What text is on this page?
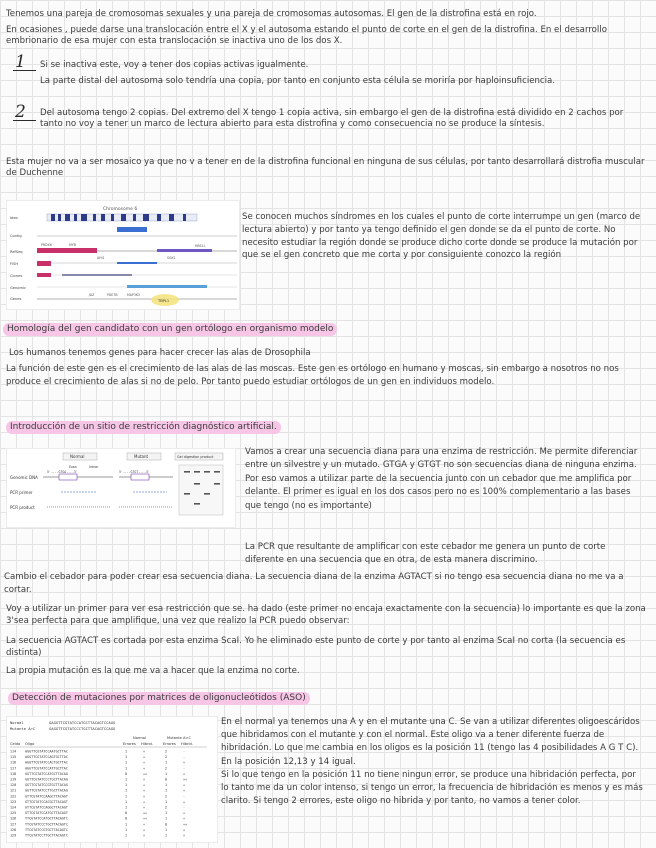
Tenemos una pareja de cromosomas sexuales y una pareja de cromosomas autosomas. El gen de la distrofina está en rojo.
En ocasiones , puede darse una translocación entre el X y el autosoma estando el punto de corte en el gen de la distrofina. En el desarrollo embrionario de esa mujer con esta translocación se inactiva uno de los dos X.
1 Si se inactiva este, voy a tener dos copias activas igualmente.
La parte distal del autosoma solo tendría una copia, por tanto en conjunto esta célula se moriría por haploinsuficiencia.
2 Del autosoma tengo 2 copias. Del extremo del X tengo 1 copia activa, sin embargo el gen de la distrofina está dividido en 2 cachos por tanto no voy a tener un marco de lectura abierto para esta distrofina y como consecuencia no se produce la síntesis.
Esta mujer no va a ser mosaico ya que no v a tener en de la distrofina funcional en ninguna de sus células, por tanto desarrollará distrofia muscular de Duchenne
Chromosome 6
Ideo
Contig
RefSeq
FISH
Clones
Genomic
Genes
PRDX6	MYB
AHI1	SGK1
HBS1L
JAZ	PDE7B	MAP3K5
TBPL1
Se conocen muchos síndromes en los cuales el punto de corte interrumpe un gen (marco de lectura abierto) y por tanto ya tengo definido el gen donde se da el punto de corte. No necesito estudiar la región donde se produce dicho corte donde se produce la mutación por que se el gen concreto que me corta y por consiguiente conozco la región
Homología del gen candidato con un gen ortólogo en organismo modelo
Los humanos tenemos genes para hacer crecer las alas de Drosophila
La función de este gen es el crecimiento de las alas de las moscas. Este gen es ortólogo en humano y moscas, sin embargo a nosotros no nos produce el crecimiento de alas si no de pelo. Por tanto puedo estudiar ortólogos de un gen en individuos modelo.
Introducción de un sitio de restricción diagnóstico artificial.
Normal	Mutant	Gel digestion product
Exon	Intron
Genomic DNA
PCR primer
PCR product
5'-...GTGA...-3'	5'-...GTGT...-3'
Vamos a crear una secuencia diana para una enzima de restricción. Me permite diferenciar entre un silvestre y un mutado. GTGA y GTGT no son secuencias diana de ninguna enzima. Por eso vamos a utilizar parte de la secuencia junto con un cebador que me amplifica por delante. El primer es igual en los dos casos pero no es 100% complementario a las bases que tengo (no es importante)
La PCR que resultante de amplificar con este cebador me genera un punto de corte diferente en una secuencia que en otra, de esta manera discrimino.
Cambio el cebador para poder crear esa secuencia diana. La secuencia diana de la enzima AGTACT si no tengo esa secuencia diana no me va a cortar.
Voy a utilizar un primer para ver esa restricción que se. ha dado (este primer no encaja exactamente con la secuencia) lo importante es que la zona 3'sea perfecta para que amplifique, una vez que realizo la PCR puedo observar:
La secuencia AGTACT es cortada por esta enzima ScaI. Yo he eliminado este punto de corte y por tanto al enzima ScaI no corta (la secuencia es distinta)
La propia mutación es la que me va a hacer que la enzima no corte.
Detección de mutaciones por matrices de oligonucleótidos (ASO)
Normal	GAGGTTCGTATCCATGCTTACAGTCCAGG
Mutante A>C	GAGGTTCGTATCCCTGCTTACAGTCCAGG
Normal	Mutante A>C
Celda Oligo	Errores Hibrid.	Errores Hibrid.
114	AGGTTCGTATCCAATGCTTAC	1	+	2	-
115	AGGTTCGTATCCAGTGCTTAC	1	+	2	-
116	AGGTTCGTATCCACTGCTTAC	1	+	1	+
117	AGGTTCGTATCCATTGCTTAC	1	+	2	-
118	GGTTCGTATCCATGCTTACAG	0	++	1	+
119	GGTTCGTATCCCTGCTTACAG	1	+	0	++
120	GGTTCGTATCCGTGCTTACAG	1	+	1	+
121	GGTTCGTATCCTTGCTTACAG	1	+	1	+
122	GTTCGTATCCAAGCTTACAGT	1	+	2	-
123	GTTCGTATCCACGCTTACAGT	1	+	1	+
124	GTTCGTATCCAGGCTTACAGT	1	+	2	-
125	GTTCGTATCCATGCTTACAGT	0	++	1	+
126	TTCGTATCCATGCTTACAGTC	0	++	1	+
127	TTCGTATCCCTGCTTACAGTC	1	+	0	++
128	TTCGTATCCGTGCTTACAGTC	1	+	1	+
129	TTCGTATCCTTGCTTACAGTC	1	+	1	+
En el normal ya tenemos una A y en el mutante una C. Se van a utilizar diferentes oligoescáridos que hibridamos con el mutante y con el normal. Este oligo va a tener diferente fuerza de hibridación. Lo que me cambia en los oligos es la posición 11 (tengo las 4 posibilidades A G T C). En la posición 12,13 y 14 igual.
Si lo que tengo en la posición 11 no tiene ningun error, se produce una hibridación perfecta, por lo tanto me da un color intenso, si tengo un error, la frecuencia de hibridación es menos y es más clarito. Si tengo 2 errores, este oligo no hibrida y por tanto, no vamos a tener color.
